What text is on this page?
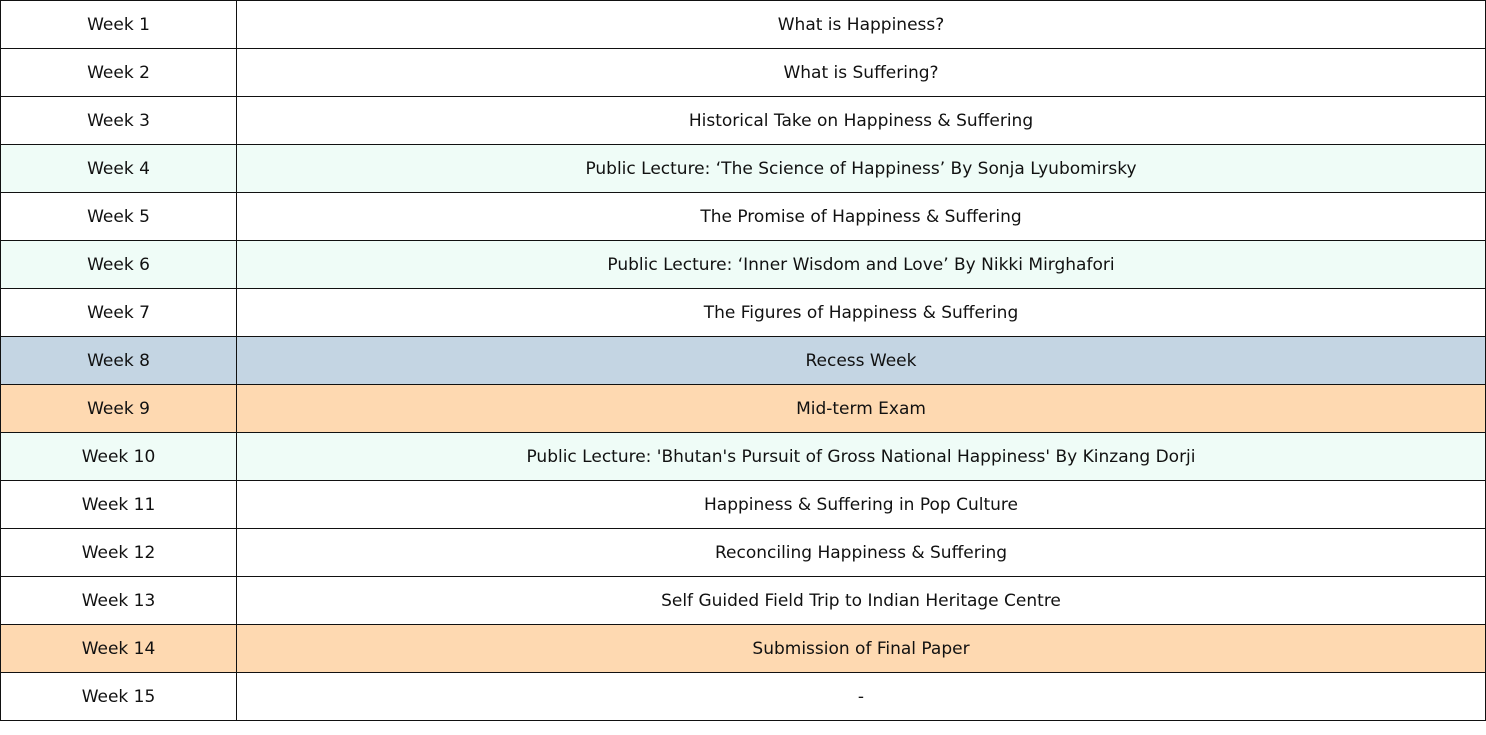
Week 1	What is Happiness?
Week 2	What is Suffering?
Week 3	Historical Take on Happiness & Suffering
Week 4	Public Lecture: ‘The Science of Happiness’ By Sonja Lyubomirsky
Week 5	The Promise of Happiness & Suffering
Week 6	Public Lecture: ‘Inner Wisdom and Love’ By Nikki Mirghafori
Week 7	The Figures of Happiness & Suffering
Week 8	Recess Week
Week 9	Mid-term Exam
Week 10	Public Lecture: 'Bhutan's Pursuit of Gross National Happiness' By Kinzang Dorji
Week 11	Happiness & Suffering in Pop Culture
Week 12	Reconciling Happiness & Suffering
Week 13	Self Guided Field Trip to Indian Heritage Centre
Week 14	Submission of Final Paper
Week 15	-
